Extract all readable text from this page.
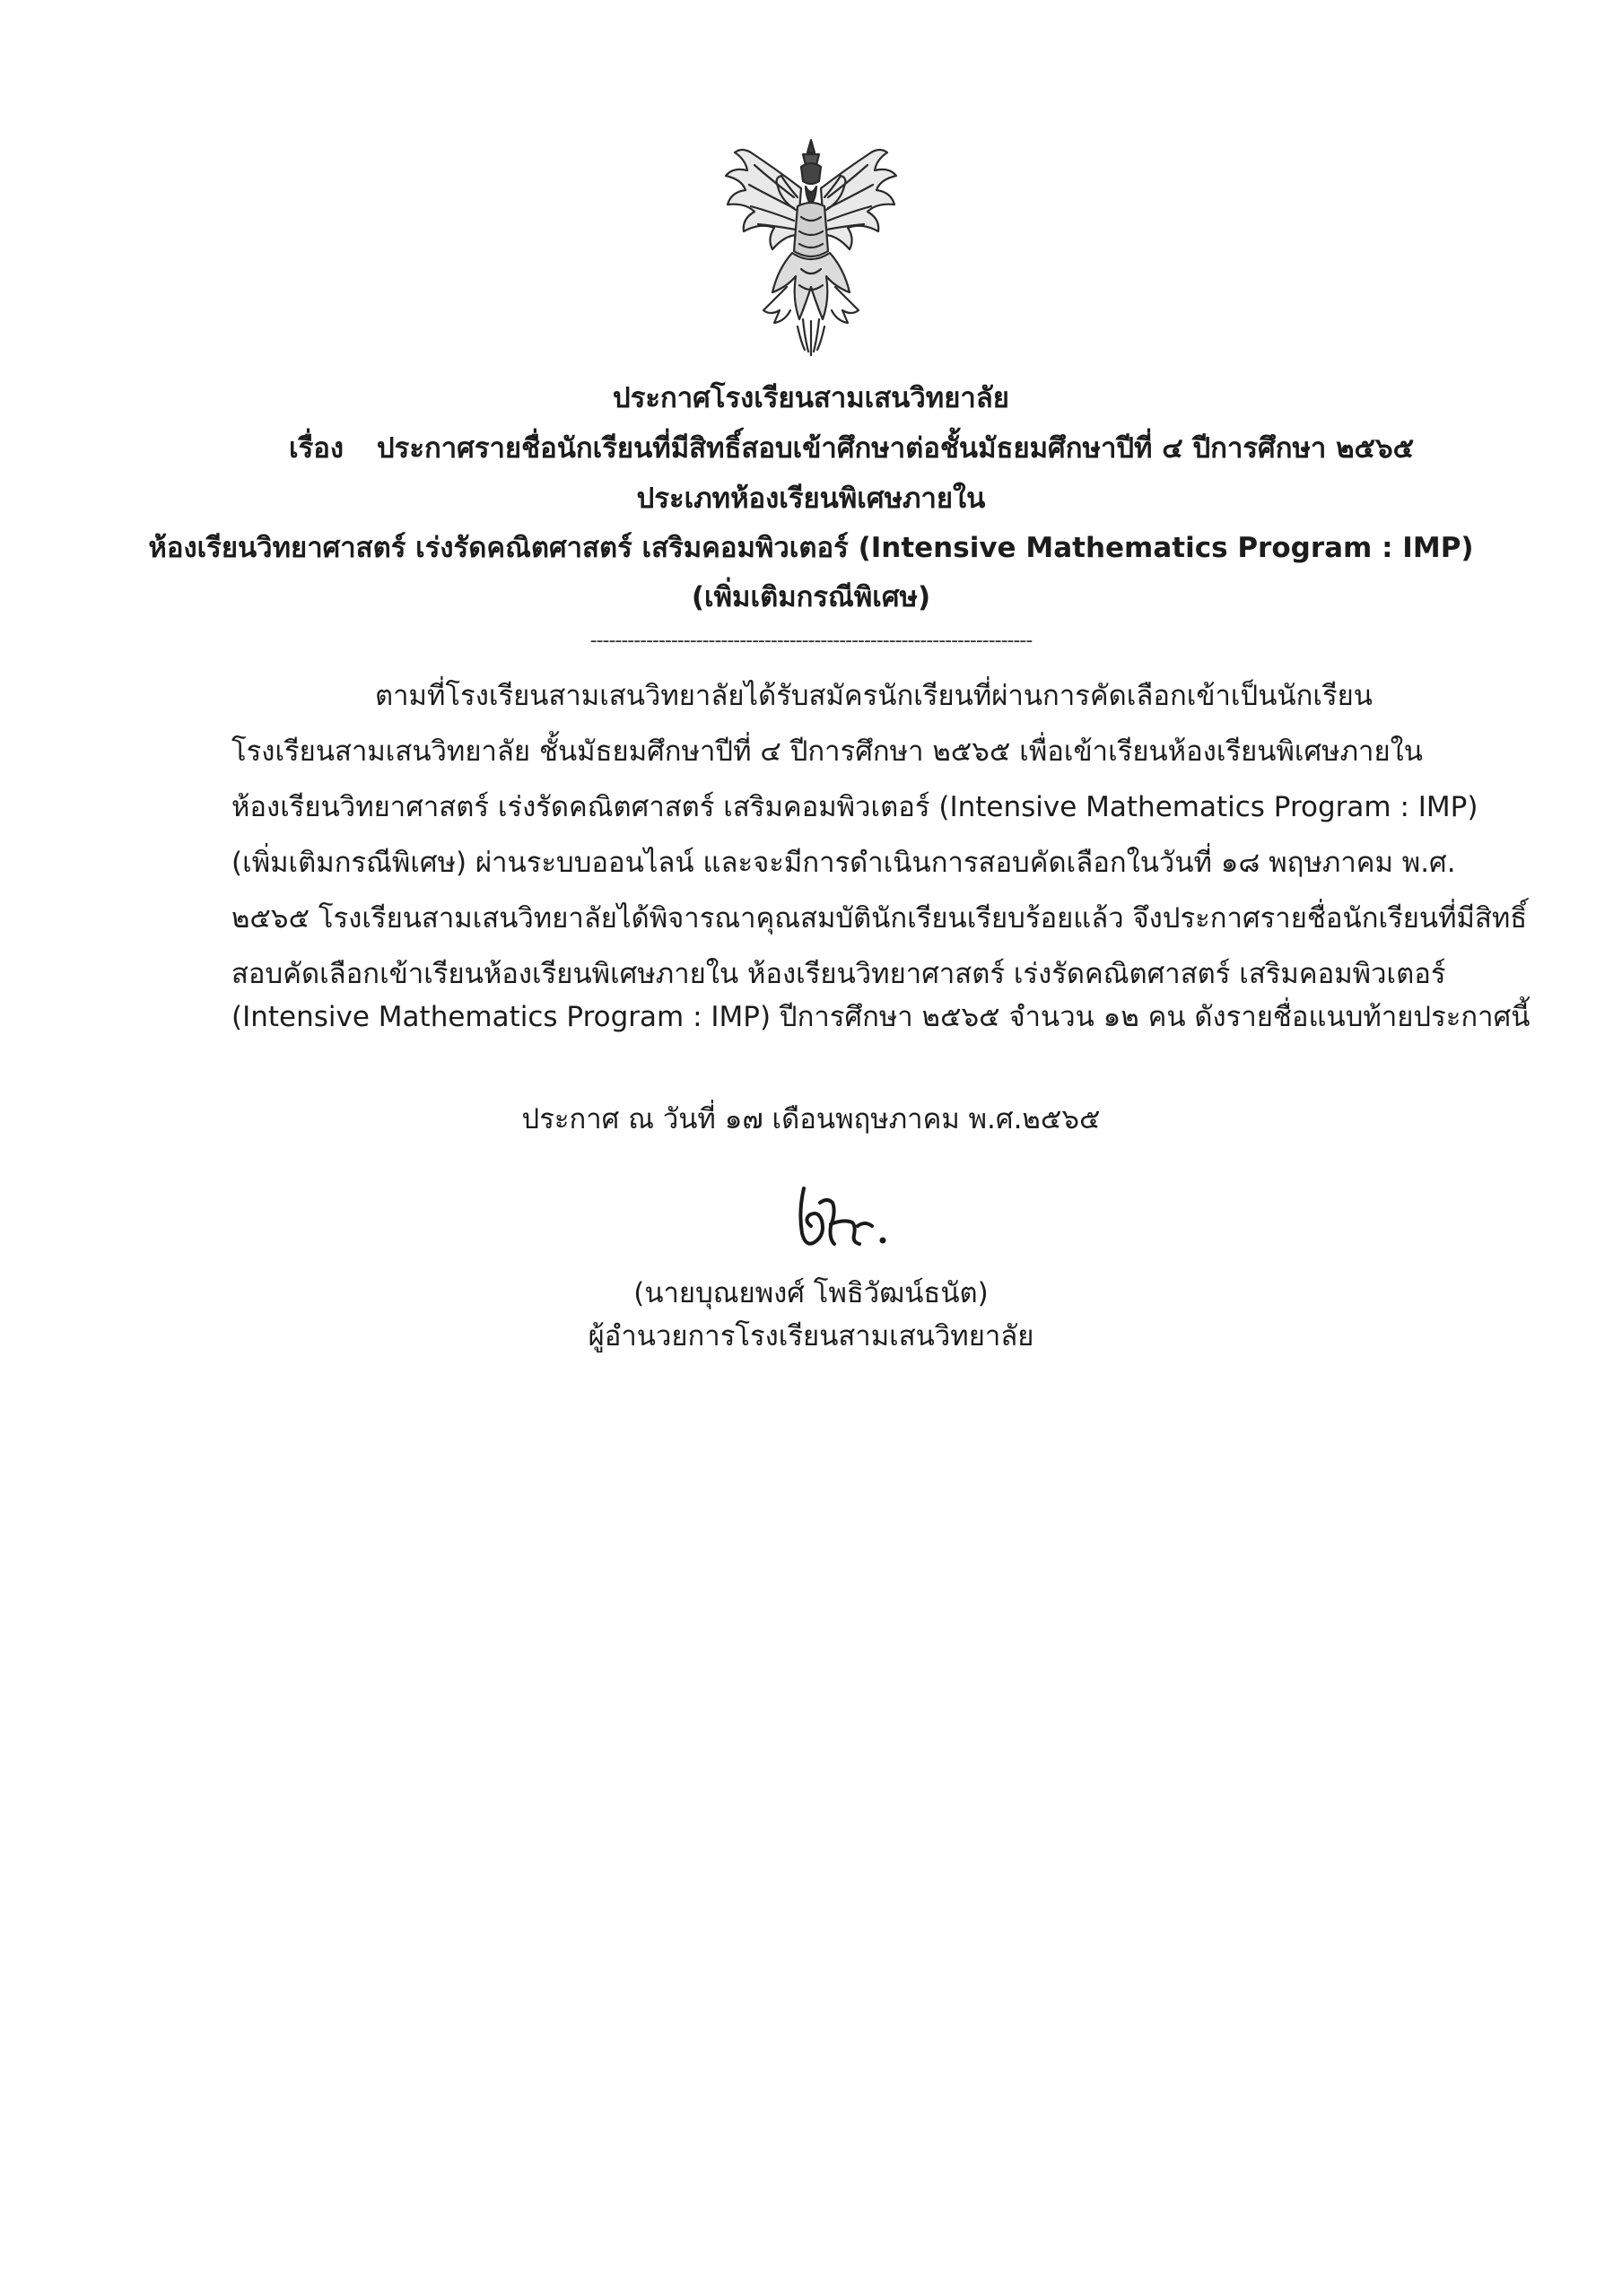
ประกาศโรงเรียนสามเสนวิทยาลัย
เรื่อง ประกาศรายชื่อนักเรียนที่มีสิทธิ์สอบเข้าศึกษาต่อชั้นมัธยมศึกษาปีที่ ๔ ปีการศึกษา ๒๕๖๕
ประเภทห้องเรียนพิเศษภายใน
ห้องเรียนวิทยาศาสตร์ เร่งรัดคณิตศาสตร์ เสริมคอมพิวเตอร์ (Intensive Mathematics Program : IMP)
(เพิ่มเติมกรณีพิเศษ)
-----------------------------------------------------------------------
ตามที่โรงเรียนสามเสนวิทยาลัยได้รับสมัครนักเรียนที่ผ่านการคัดเลือกเข้าเป็นนักเรียน
โรงเรียนสามเสนวิทยาลัย ชั้นมัธยมศึกษาปีที่ ๔ ปีการศึกษา ๒๕๖๕ เพื่อเข้าเรียนห้องเรียนพิเศษภายใน
ห้องเรียนวิทยาศาสตร์ เร่งรัดคณิตศาสตร์ เสริมคอมพิวเตอร์ (Intensive Mathematics Program : IMP)
(เพิ่มเติมกรณีพิเศษ) ผ่านระบบออนไลน์ และจะมีการดำเนินการสอบคัดเลือกในวันที่ ๑๘ พฤษภาคม พ.ศ.
๒๕๖๕ โรงเรียนสามเสนวิทยาลัยได้พิจารณาคุณสมบัตินักเรียนเรียบร้อยแล้ว จึงประกาศรายชื่อนักเรียนที่มีสิทธิ์
สอบคัดเลือกเข้าเรียนห้องเรียนพิเศษภายใน ห้องเรียนวิทยาศาสตร์ เร่งรัดคณิตศาสตร์ เสริมคอมพิวเตอร์
(Intensive Mathematics Program : IMP) ปีการศึกษา ๒๕๖๕ จำนวน ๑๒ คน ดังรายชื่อแนบท้ายประกาศนี้
ประกาศ ณ วันที่ ๑๗ เดือนพฤษภาคม พ.ศ.๒๕๖๕
(นายบุณยพงศ์ โพธิวัฒน์ธนัต)
ผู้อำนวยการโรงเรียนสามเสนวิทยาลัย
